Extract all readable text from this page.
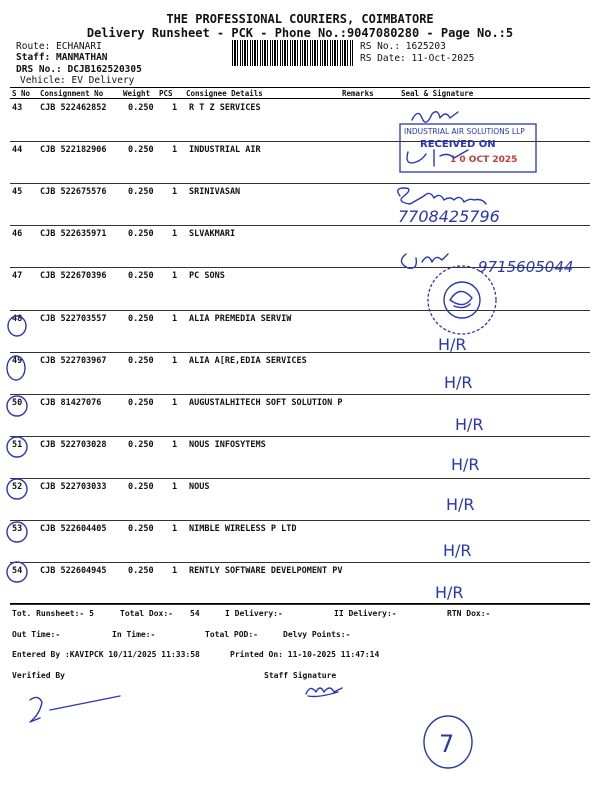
THE PROFESSIONAL COURIERS, COIMBATORE
Delivery Runsheet - PCK - Phone No.:9047080280 - Page No.:5
Route: ECHANARI
Staff: MANMATHAN
DRS No.: DCJB162520305
Vehicle: EV Delivery
RS No.: 1625203
RS Date: 11-Oct-2025
S No Consignment No	Weight PCS Consignee Details	Remarks	Seal & Signature
43 CJB 522462852	0.250 1 R T Z SERVICES
44 CJB 522182906	0.250 1 INDUSTRIAL AIR
45 CJB 522675576	0.250 1 SRINIVASAN
46 CJB 522635971	0.250 1 SLVAKMARI
47 CJB 522670396	0.250 1 PC SONS
48 CJB 522703557	0.250 1 ALIA PREMEDIA SERVIW
49 CJB 522703967	0.250 1 ALIA A[RE,EDIA SERVICES
50 CJB 81427076	0.250 1 AUGUSTALHITECH SOFT SOLUTION P
51 CJB 522703028	0.250 1 NOUS INFOSYTEMS
52 CJB 522703033	0.250 1 NOUS
53 CJB 522604405	0.250 1 NIMBLE WIRELESS P LTD
54 CJB 522604945	0.250 1 RENTLY SOFTWARE DEVELPOMENT PV
Tot. Runsheet:- 5	Total Dox:- 54	I Delivery:-	II Delivery:-	RTN Dox:-
Out Time:-	In Time:-	Total POD:-	Delvy Points:-
Entered By :KAVIPCK 10/11/2025 11:33:58	Printed On: 11-10-2025 11:47:14
Verified By	Staff Signature
INDUSTRIAL AIR SOLUTIONS LLP
RECEIVED ON
1 0 OCT 2025
7708425796
9715605044
H/R
H/R
H/R
H/R
H/R
H/R
H/R
7
